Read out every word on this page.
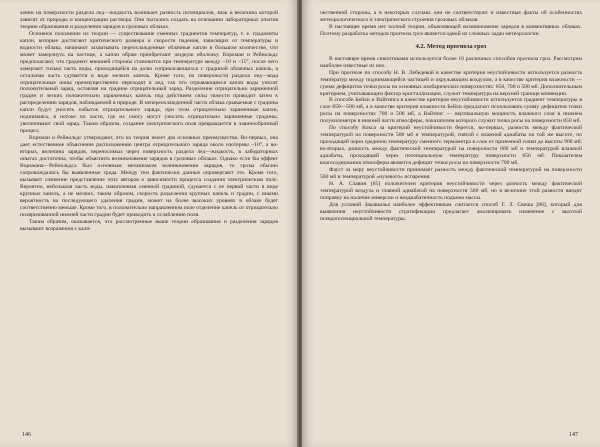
заннн на поверхности раздела лед—жидкость возникает разность потенциалов, знак и величина которой зависят от природы и концентрации раствора. Они пытались создать на основании лабораторных опытов теорию образования и разделения зарядов в грозовых облаках.

Основное положение их теории — существование сменных градиентов температур, т. е. градиенты капли, которые достигают критического размера и скорости падения, зависящих от температуры и водности облака, начинают захватывать переохлажденные облачные капли в большом количестве, что может замерзнуть на частице, а капли обрам приобретают жидкую оболочку. Воркман и Рейнольдс предполагают, что градиент внешней стороны становится при температуре между −10 и −15°, после чего замерзает только часть воды, приходящейся на долю соприкасающихся с градиной облачных капель, а остальная часть сдувается в виде мелких капель. Кроме того, на поверхности раздела лед—вода отрицательные ионы преимущественно переходят в лед, так что отрывающиеся капли воды уносят положительный заряд, оставляя на градине отрицательный заряд. Разделение отрицательно заряженной градин и легких положительно заряженных капель под действием силы тяжести приводит затем к распределению зарядов, наблюдаемой в природе. В непереохлажденной части облака срываемые с градины капли будут уносить избыток отрицательного заряда, при этом отрицательно заряженные капли, поднимаясь, в потоке по части, где их смогу могут уносить отрицательно заряженные градины, увеличивают свой заряд. Таким образом, создание электрического поля превращается в лавинообразный процесс.

Воркман и Рейнольдс утверждают, что их теория имеет два основных преимущества. Во-первых, она дает естественное объяснение расположению центра отрицательного заряда около изотермы −10°, а во-вторых, величина зарядов, переносимых через поверхность раздела лед—жидкость, в лабораторных опытах достаточна, чтобы объяснить возникновение зарядов в грозовых облаках. Однако если бы эффект Воркмана—Рейнольдса был основным механизмом возникновения зарядов, то грозы обычно сопровождались бы выявленные града. Между тем фактически данные опровергают это. Кроме того, вызывает сомнение представление этих авторов о зависимости процесса создания электрическим поле. Вероятно, небольшая часть воды, накопленная сменной градиной, сдувается с ее первой части в виде крупных капель, а не мелких, таким образом, скорость разделения крупных капель и градин, с иными вероятность на последующего удаления градин, может на более высоких уровнях в облаке будет соответственно меньше. Кроме того, в положительно направленном поле отделение капель от отрицательно поляризованной нижней части градин будет приводить к ослаблению поля.

Таким образом, оказывается, что рассмотренные выше теории образования и разделения зарядов вызывают возражения с кали-

146

чественной стороны, а в некоторых случаях они не соответствуют и известные факты об особенностях метеорологического и электрического строения грозовых облаков.

В настоящее время нет полной теории, объясняющей возникновение зарядов в конвективных облаках. Поэтому разработка методов прогноза гроз является одной из сложных задач метеорологии.

4.2. Метод прогноза гроз

В настоящее время синоптиками используется более 10 различных способов прогноза гроз. Рассмотрим наиболее известные из них.

При прогнозе по способу Н. В. Лебедевой в качестве критерия неустойчивости используется разность температур между поднимающейся частицей и окружающим воздухом, а в качестве критерия влажности — сумма дефицитов точки росы на основных изобарических поверхностях: 850, 700 и 500 мб. Дополнительным критерием, учитывающим фактор кристаллизации, служит температура на верхней границе конвекции.

В способе Бейли и Вайтинга в качестве критерия неустойчивости используется градиент температуры в слое 850—500 мб, а в качестве критерия влажности Бейли предлагает использовать сумму дефицитов точки росы на поверхностях 700 и 500 мб, а Вайтинг — вертикальную мощность влажного слоя в нижнем полукилометре в нижней части атмосферы, показателем которого служит точка росы на поверхности 850 мб.

По способу Кокса за критерий неустойчивости берется, во-первых, разность между фактической температурой на поверхности 500 мб и температурой, снятой с влажной адиабаты на той же высоте, по проходящей через среднюю температуру сменного термометра в слое от приземной точки до высоты 900 мб; во-вторых, разность между фактической температурой на поверхности 600 мб и температурой влажной адиабаты, проходящей через потенциальную температуру поверхности 850 мб. Показателем влагосодержания атмосферы является дефицит точки росы на поверхности 700 мб.

Фауст за меру неустойчивости принимает разность между фактической температурой на поверхности 500 мб и температурой «нулевого» испарения.

Н. А. Славин [85] положителен критерия неустойчивости через разность между фактической температурой воздуха и главной адиабатой на поверхности 500 мб, но в величине этой разности вводит поправку на наличие инверсии и неадиабатичность подъема массы.

Для условий Закавказья наиболее эффективным считается способ Г. Л. Свеша [86], который для выявления неустойчивости стратификации предлагает анализировать изменение с высотой псевдопотенциальной температуры.

147
